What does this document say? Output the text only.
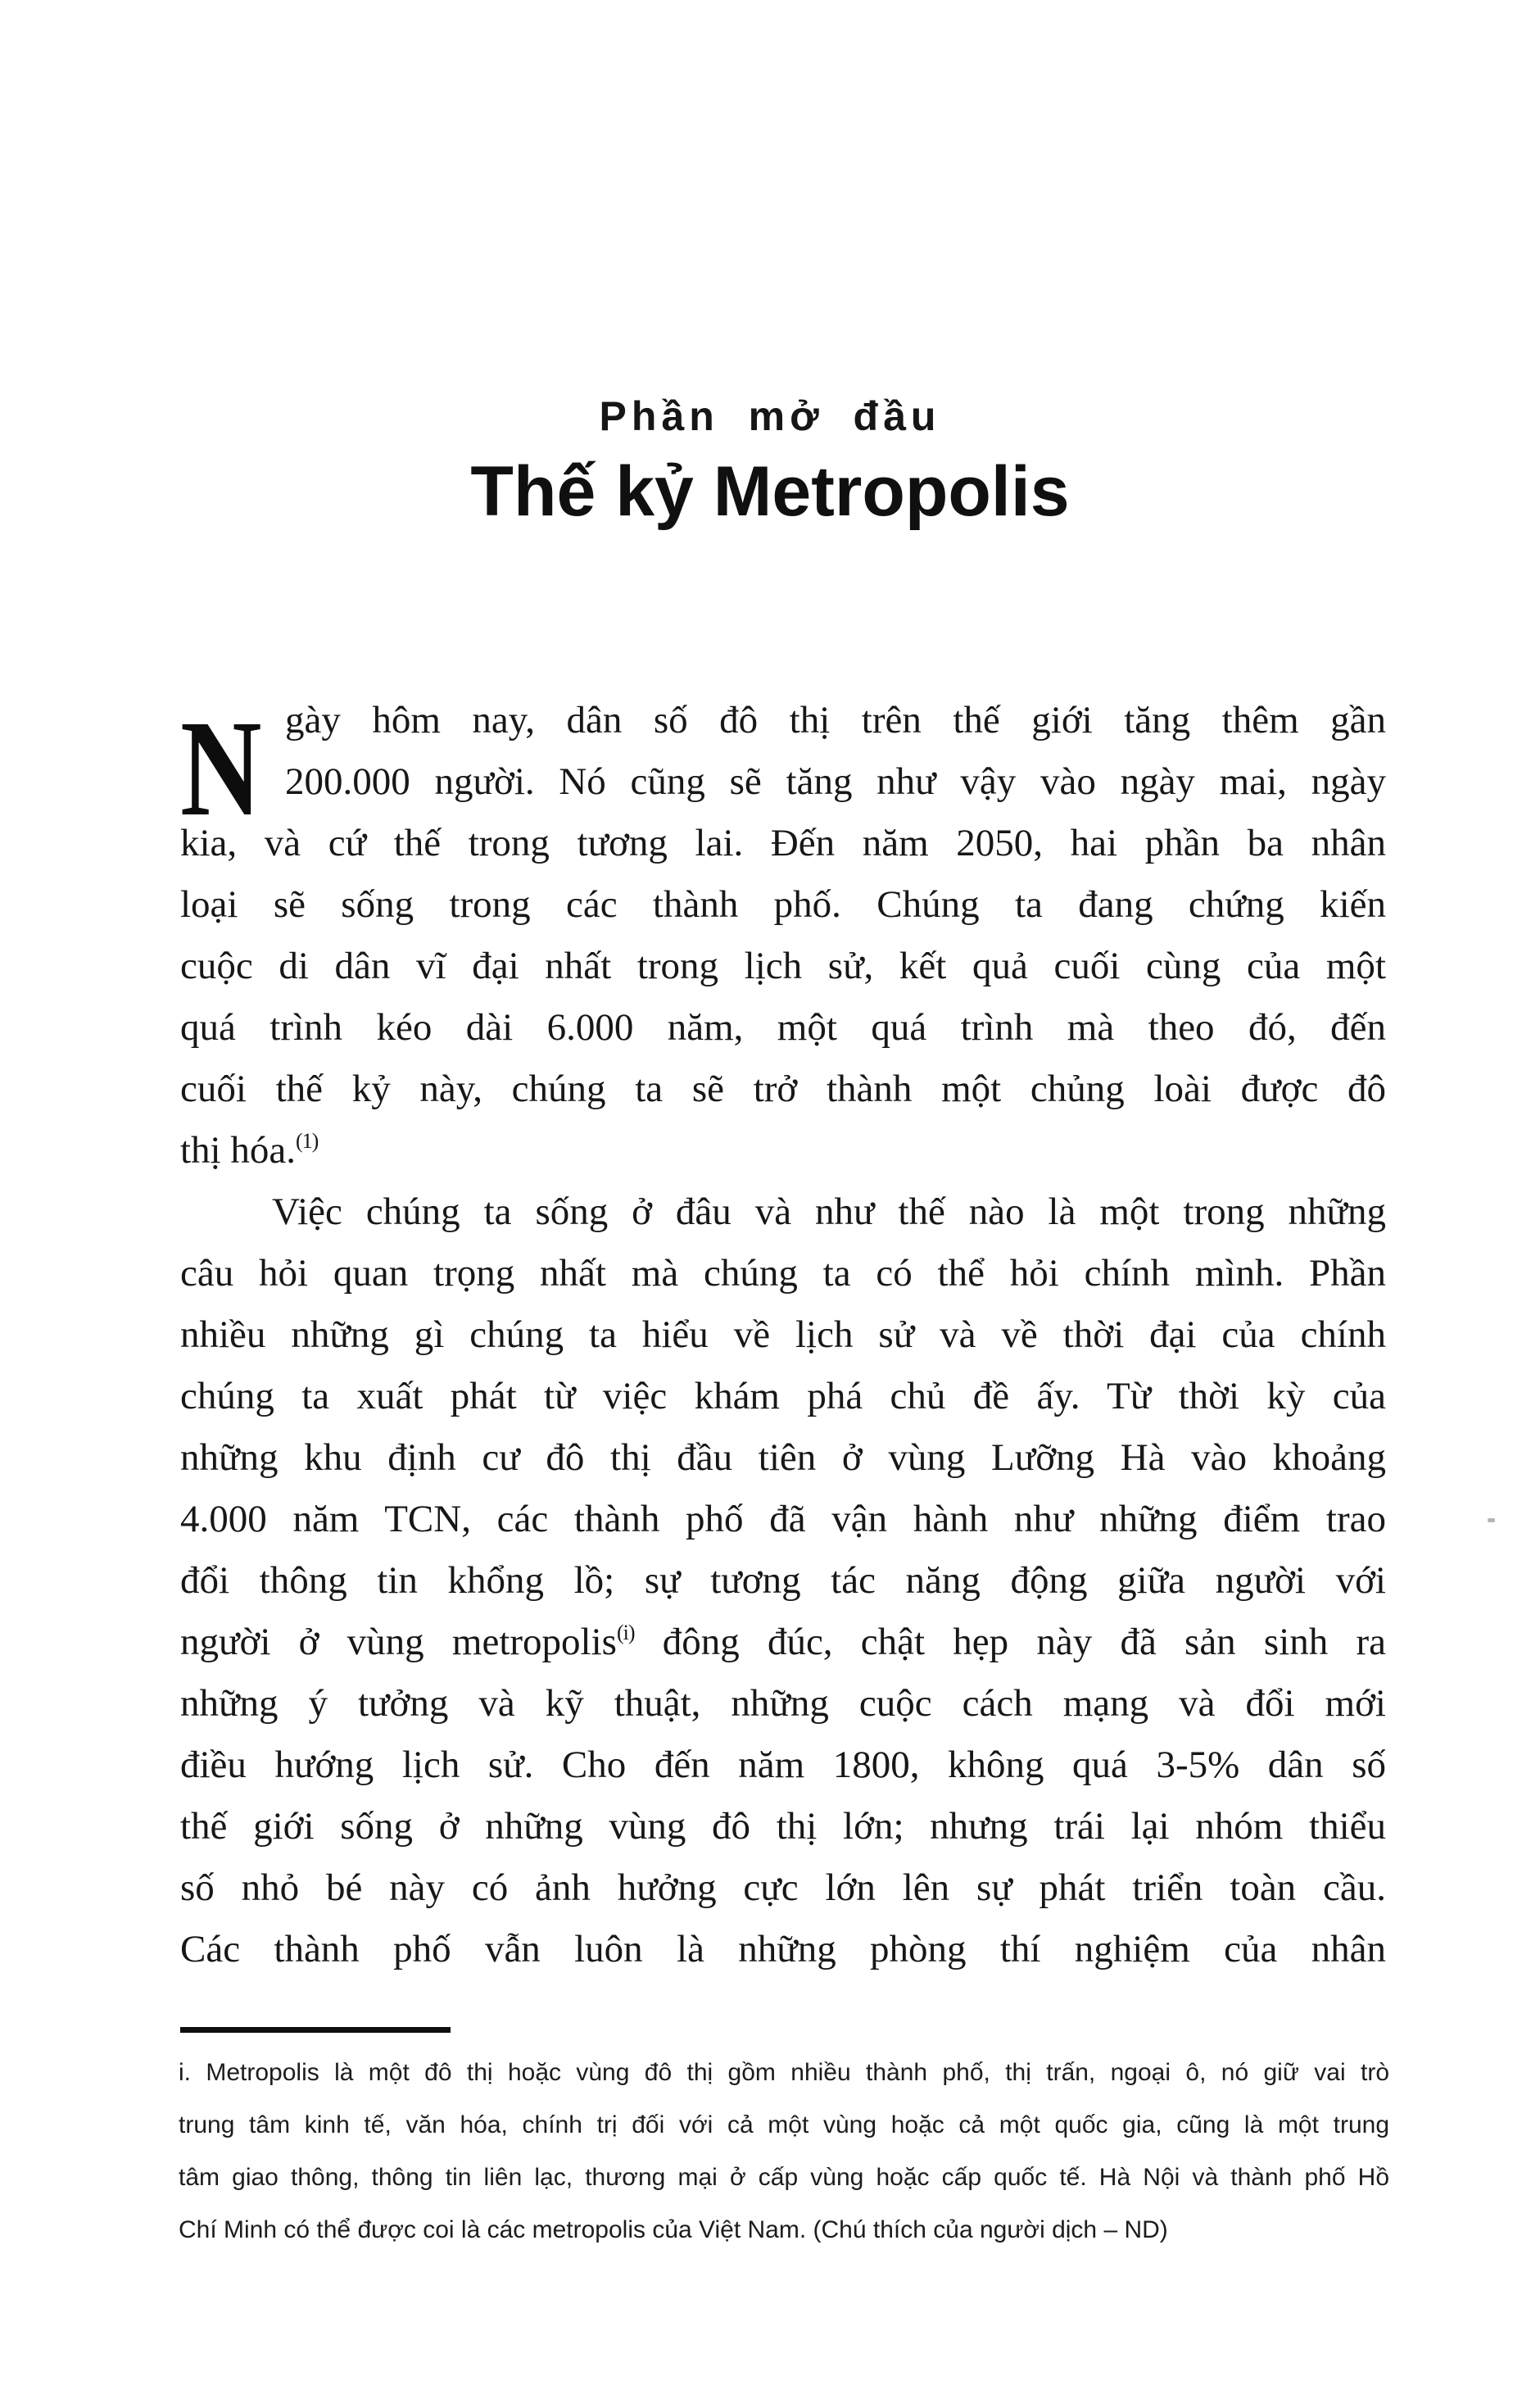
Phần mở đầu
Thế kỷ Metropolis
N gày hôm nay, dân số đô thị trên thế giới tăng thêm gần
200.000 người. Nó cũng sẽ tăng như vậy vào ngày mai, ngày
kia, và cứ thế trong tương lai. Đến năm 2050, hai phần ba nhân
loại sẽ sống trong các thành phố. Chúng ta đang chứng kiến
cuộc di dân vĩ đại nhất trong lịch sử, kết quả cuối cùng của một
quá trình kéo dài 6.000 năm, một quá trình mà theo đó, đến
cuối thế kỷ này, chúng ta sẽ trở thành một chủng loài được đô
thị hóa.$^{(1)}$
Việc chúng ta sống ở đâu và như thế nào là một trong những
câu hỏi quan trọng nhất mà chúng ta có thể hỏi chính mình. Phần
nhiều những gì chúng ta hiểu về lịch sử và về thời đại của chính
chúng ta xuất phát từ việc khám phá chủ đề ấy. Từ thời kỳ của
những khu định cư đô thị đầu tiên ở vùng Lưỡng Hà vào khoảng
4.000 năm TCN, các thành phố đã vận hành như những điểm trao
đổi thông tin khổng lồ; sự tương tác năng động giữa người với
người ở vùng metropolis$^{(i)}$ đông đúc, chật hẹp này đã sản sinh ra
những ý tưởng và kỹ thuật, những cuộc cách mạng và đổi mới
điều hướng lịch sử. Cho đến năm 1800, không quá 3-5% dân số
thế giới sống ở những vùng đô thị lớn; nhưng trái lại nhóm thiểu
số nhỏ bé này có ảnh hưởng cực lớn lên sự phát triển toàn cầu.
Các thành phố vẫn luôn là những phòng thí nghiệm của nhân
i. Metropolis là một đô thị hoặc vùng đô thị gồm nhiều thành phố, thị trấn, ngoại ô, nó giữ vai trò
trung tâm kinh tế, văn hóa, chính trị đối với cả một vùng hoặc cả một quốc gia, cũng là một trung
tâm giao thông, thông tin liên lạc, thương mại ở cấp vùng hoặc cấp quốc tế. Hà Nội và thành phố Hồ
Chí Minh có thể được coi là các metropolis của Việt Nam. (Chú thích của người dịch – ND)
